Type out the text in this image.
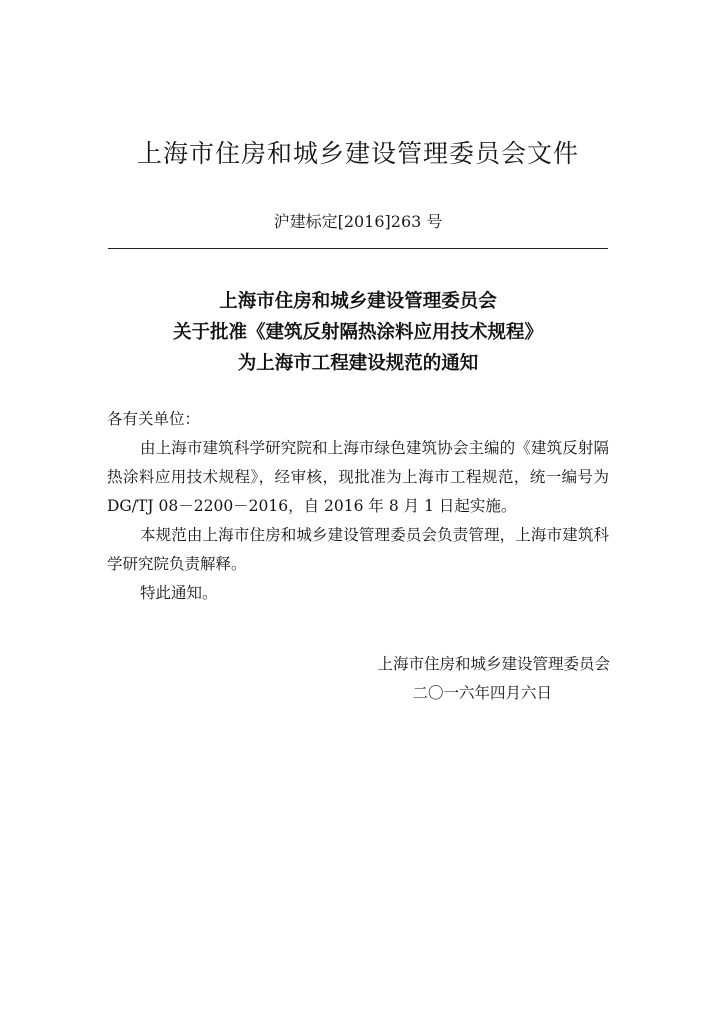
上海市住房和城乡建设管理委员会文件
沪建标定[2016]263 号
上海市住房和城乡建设管理委员会
关于批准《建筑反射隔热涂料应用技术规程》
为上海市工程建设规范的通知

各有关单位：

由上海市建筑科学研究院和上海市绿色建筑协会主编的《建筑反射隔热涂料应用技术规程》，经审核，现批准为上海市工程规范，统一编号为 DG/TJ 08－2200－2016，自 2016 年 8 月 1 日起实施。

本规范由上海市住房和城乡建设管理委员会负责管理，上海市建筑科学研究院负责解释。

特此通知。

上海市住房和城乡建设管理委员会
二〇一六年四月六日
